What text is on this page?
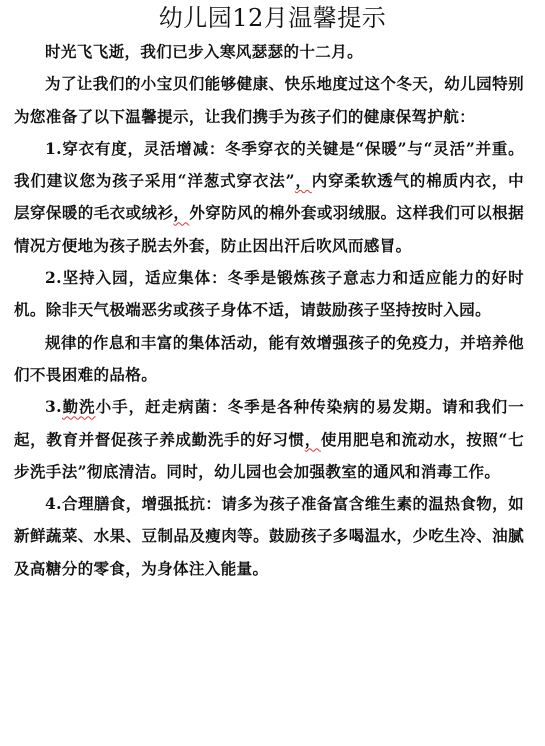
幼儿园12月温馨提示

时光飞飞逝，我们已步入寒风瑟瑟的十二月。

为了让我们的小宝贝们能够健康、快乐地度过这个冬天，幼儿园特别为您准备了以下温馨提示，让我们携手为孩子们的健康保驾护航：

1.穿衣有度，灵活增减：冬季穿衣的关键是“保暖”与“灵活”并重。我们建议您为孩子采用“洋葱式穿衣法”，内穿柔软透气的棉质内衣，中层穿保暖的毛衣或绒衫，外穿防风的棉外套或羽绒服。这样我们可以根据情况方便地为孩子脱去外套，防止因出汗后吹风而感冒。

2.坚持入园，适应集体：冬季是锻炼孩子意志力和适应能力的好时机。除非天气极端恶劣或孩子身体不适，请鼓励孩子坚持按时入园。

规律的作息和丰富的集体活动，能有效增强孩子的免疫力，并培养他们不畏困难的品格。

3.勤洗小手，赶走病菌：冬季是各种传染病的易发期。请和我们一起，教育并督促孩子养成勤洗手的好习惯，使用肥皂和流动水，按照“七步洗手法”彻底清洁。同时，幼儿园也会加强教室的通风和消毒工作。

4.合理膳食，增强抵抗：请多为孩子准备富含维生素的温热食物，如新鲜蔬菜、水果、豆制品及瘦肉等。鼓励孩子多喝温水，少吃生冷、油腻及高糖分的零食，为身体注入能量。
